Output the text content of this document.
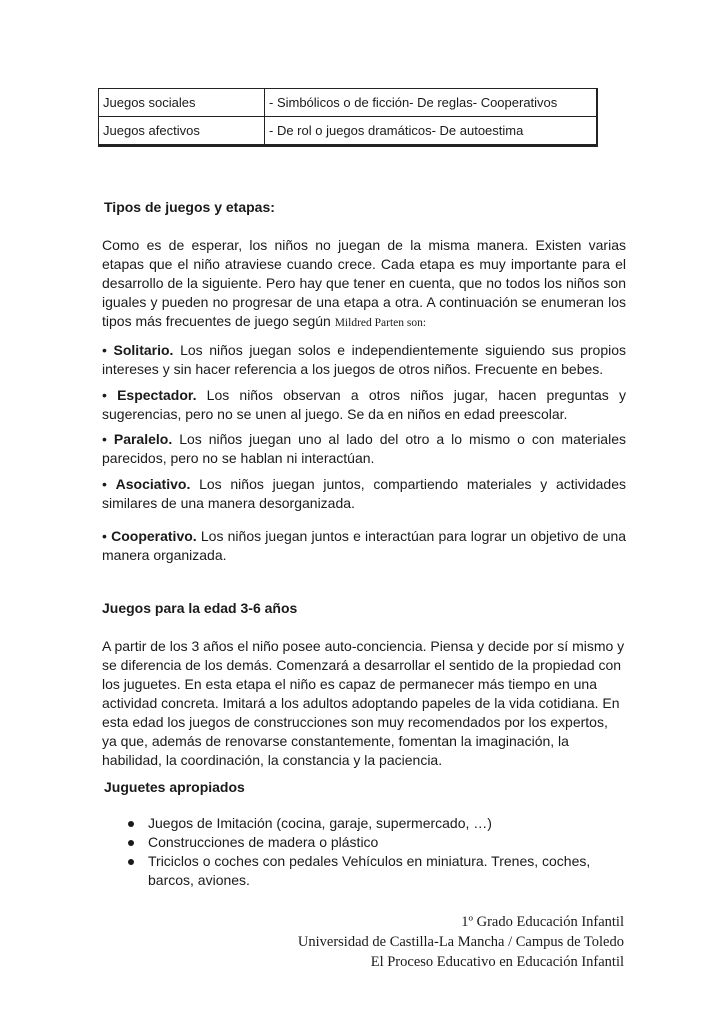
Juegos sociales	- Simbólicos o de ficción- De reglas- Cooperativos
Juegos afectivos	- De rol o juegos dramáticos- De autoestima
Tipos de juegos y etapas:
Como es de esperar, los niños no juegan de la misma manera. Existen varias etapas que el niño atraviese cuando crece. Cada etapa es muy importante para el desarrollo de la siguiente. Pero hay que tener en cuenta, que no todos los niños son iguales y pueden no progresar de una etapa a otra. A continuación se enumeran los tipos más frecuentes de juego según Mildred Parten son:
• Solitario. Los niños juegan solos e independientemente siguiendo sus propios intereses y sin hacer referencia a los juegos de otros niños. Frecuente en bebes.
• Espectador. Los niños observan a otros niños jugar, hacen preguntas y sugerencias, pero no se unen al juego. Se da en niños en edad preescolar.
• Paralelo. Los niños juegan uno al lado del otro a lo mismo o con materiales parecidos, pero no se hablan ni interactúan.
• Asociativo. Los niños juegan juntos, compartiendo materiales y actividades similares de una manera desorganizada.
• Cooperativo. Los niños juegan juntos e interactúan para lograr un objetivo de una manera organizada.
Juegos para la edad 3-6 años
A partir de los 3 años el niño posee auto-conciencia. Piensa y decide por sí mismo y se diferencia de los demás. Comenzará a desarrollar el sentido de la propiedad con los juguetes. En esta etapa el niño es capaz de permanecer más tiempo en una actividad concreta. Imitará a los adultos adoptando papeles de la vida cotidiana. En esta edad los juegos de construcciones son muy recomendados por los expertos, ya que, además de renovarse constantemente, fomentan la imaginación, la habilidad, la coordinación, la constancia y la paciencia.
Juguetes apropiados
Juegos de Imitación (cocina, garaje, supermercado, …)
Construcciones de madera o plástico
Triciclos o coches con pedales Vehículos en miniatura. Trenes, coches, barcos, aviones.
1º Grado Educación Infantil
Universidad de Castilla-La Mancha / Campus de Toledo
El Proceso Educativo en Educación Infantil
